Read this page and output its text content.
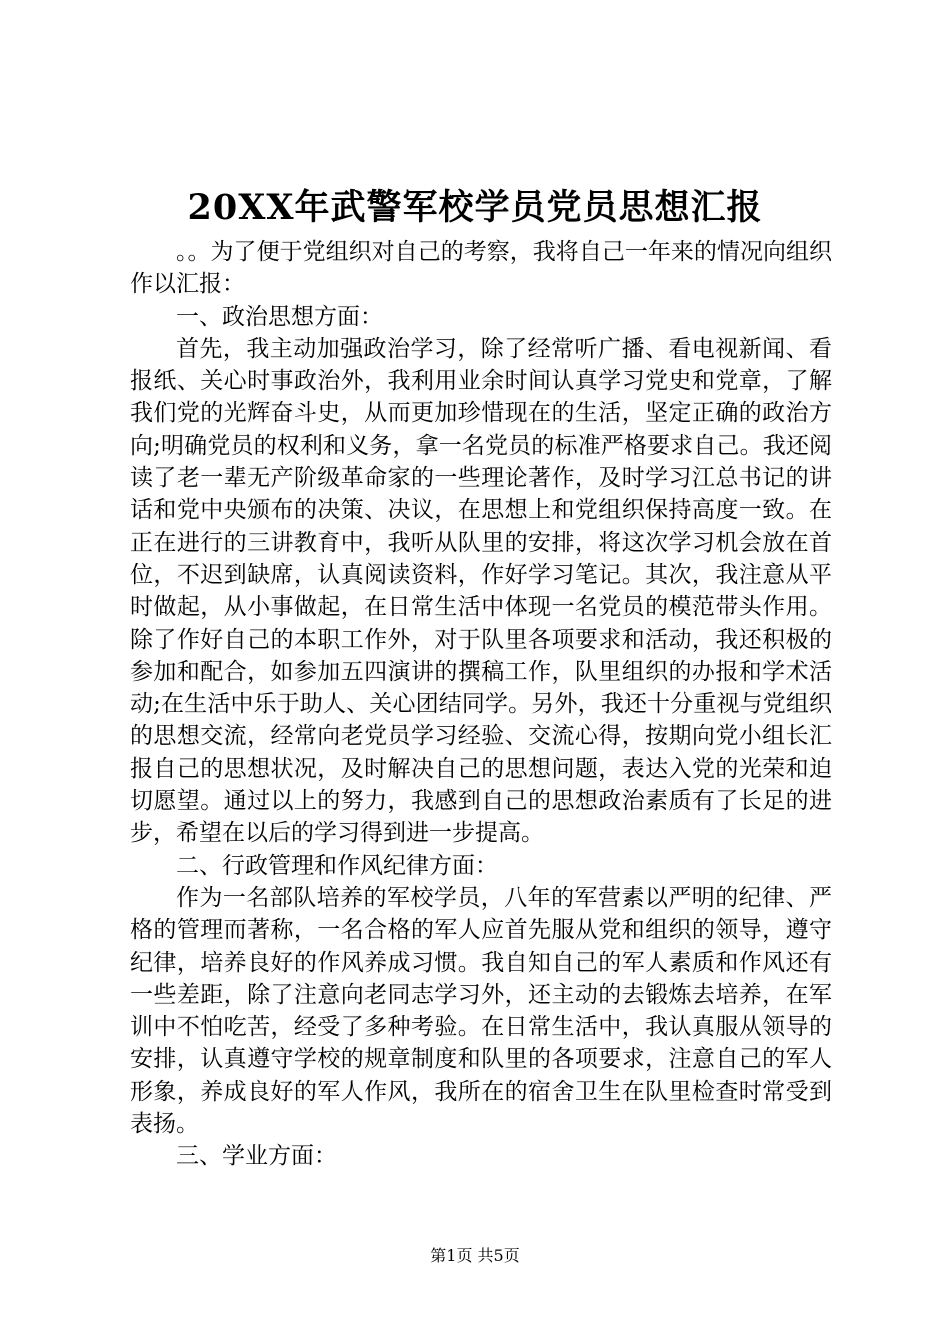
20XX年武警军校学员党员思想汇报

。。为了便于党组织对自己的考察，我将自己一年来的情况向组织作以汇报：

一、政治思想方面：

首先，我主动加强政治学习，除了经常听广播、看电视新闻、看报纸、关心时事政治外，我利用业余时间认真学习党史和党章，了解我们党的光辉奋斗史，从而更加珍惜现在的生活，坚定正确的政治方向;明确党员的权利和义务，拿一名党员的标准严格要求自己。我还阅读了老一辈无产阶级革命家的一些理论著作，及时学习江总书记的讲话和党中央颁布的决策、决议，在思想上和党组织保持高度一致。在正在进行的三讲教育中，我听从队里的安排，将这次学习机会放在首位，不迟到缺席，认真阅读资料，作好学习笔记。其次，我注意从平时做起，从小事做起，在日常生活中体现一名党员的模范带头作用。除了作好自己的本职工作外，对于队里各项要求和活动，我还积极的参加和配合，如参加五四演讲的撰稿工作，队里组织的办报和学术活动;在生活中乐于助人、关心团结同学。另外，我还十分重视与党组织的思想交流，经常向老党员学习经验、交流心得，按期向党小组长汇报自己的思想状况，及时解决自己的思想问题，表达入党的光荣和迫切愿望。通过以上的努力，我感到自己的思想政治素质有了长足的进步，希望在以后的学习得到进一步提高。

二、行政管理和作风纪律方面：

作为一名部队培养的军校学员，八年的军营素以严明的纪律、严格的管理而著称，一名合格的军人应首先服从党和组织的领导，遵守纪律，培养良好的作风养成习惯。我自知自己的军人素质和作风还有一些差距，除了注意向老同志学习外，还主动的去锻炼去培养，在军训中不怕吃苦，经受了多种考验。在日常生活中，我认真服从领导的安排，认真遵守学校的规章制度和队里的各项要求，注意自己的军人形象，养成良好的军人作风，我所在的宿舍卫生在队里检查时常受到表扬。

三、学业方面：

第1页 共5页
